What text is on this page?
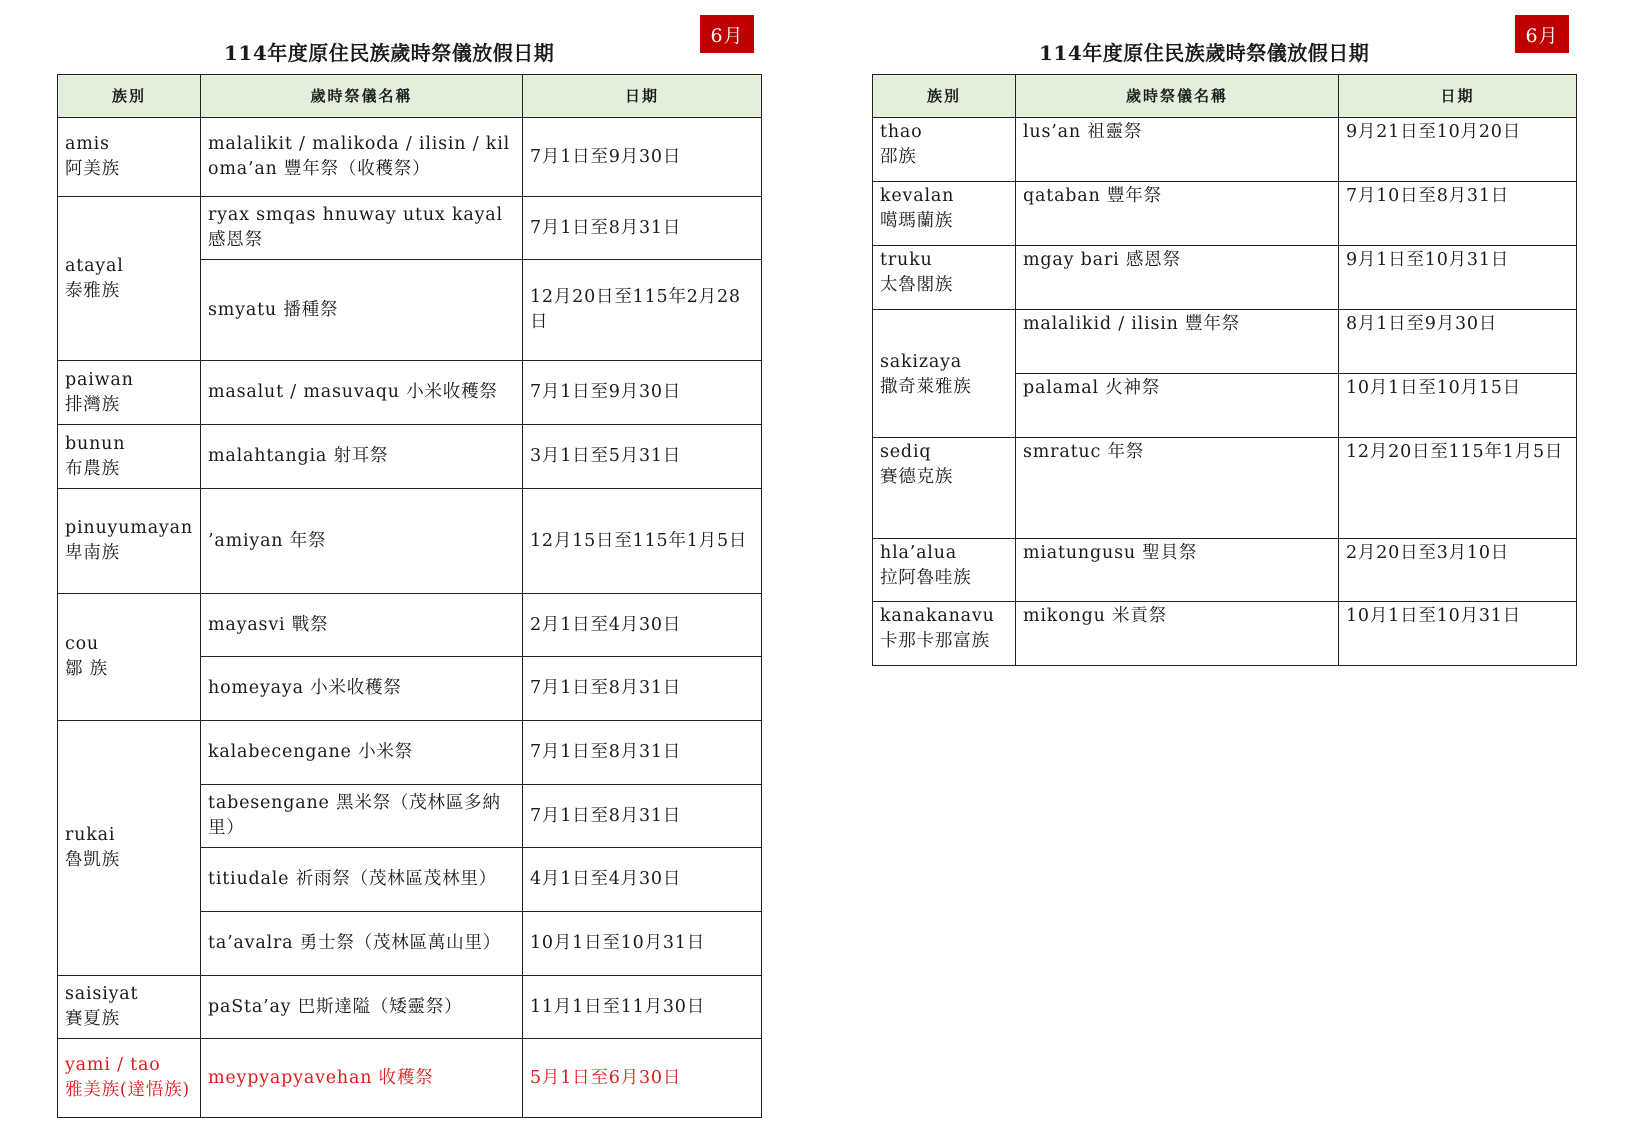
114年度原住民族歲時祭儀放假日期
6月
族別	歲時祭儀名稱	日期

amis
阿美族	malalikit / malikoda / ilisin / kiloma’an 豐年祭（收穫祭）	7月1日至9月30日

atayal
泰雅族	ryax smqas hnuway utux kayal 感恩祭	7月1日至8月31日
	smyatu 播種祭	12月20日至115年2月28日

paiwan
排灣族	masalut / masuvaqu 小米收穫祭	7月1日至9月30日

bunun
布農族	malahtangia 射耳祭	3月1日至5月31日

pinuyumayan
卑南族	’amiyan 年祭	12月15日至115年1月5日

cou
鄒 族	mayasvi 戰祭	2月1日至4月30日
	homeyaya 小米收穫祭	7月1日至8月31日

rukai
魯凱族	kalabecengane 小米祭	7月1日至8月31日
	tabesengane 黑米祭（茂林區多納里）	7月1日至8月31日
	titiudale 祈雨祭（茂林區茂林里）	4月1日至4月30日
	ta’avalra 勇士祭（茂林區萬山里）	10月1日至10月31日

saisiyat
賽夏族	paSta’ay 巴斯達隘（矮靈祭）	11月1日至11月30日

yami / tao
雅美族(達悟族)	meypyapyavehan 收穫祭	5月1日至6月30日
114年度原住民族歲時祭儀放假日期
6月
族別	歲時祭儀名稱	日期

thao
邵族	lus’an 祖靈祭	9月21日至10月20日

kevalan
噶瑪蘭族	qataban 豐年祭	7月10日至8月31日

truku
太魯閣族	mgay bari 感恩祭	9月1日至10月31日

sakizaya
撒奇萊雅族	malalikid / ilisin 豐年祭	8月1日至9月30日
	palamal 火神祭	10月1日至10月15日

sediq
賽德克族	smratuc 年祭	12月20日至115年1月5日

hla’alua
拉阿魯哇族	miatungusu 聖貝祭	2月20日至3月10日

kanakanavu
卡那卡那富族	mikongu 米貢祭	10月1日至10月31日
